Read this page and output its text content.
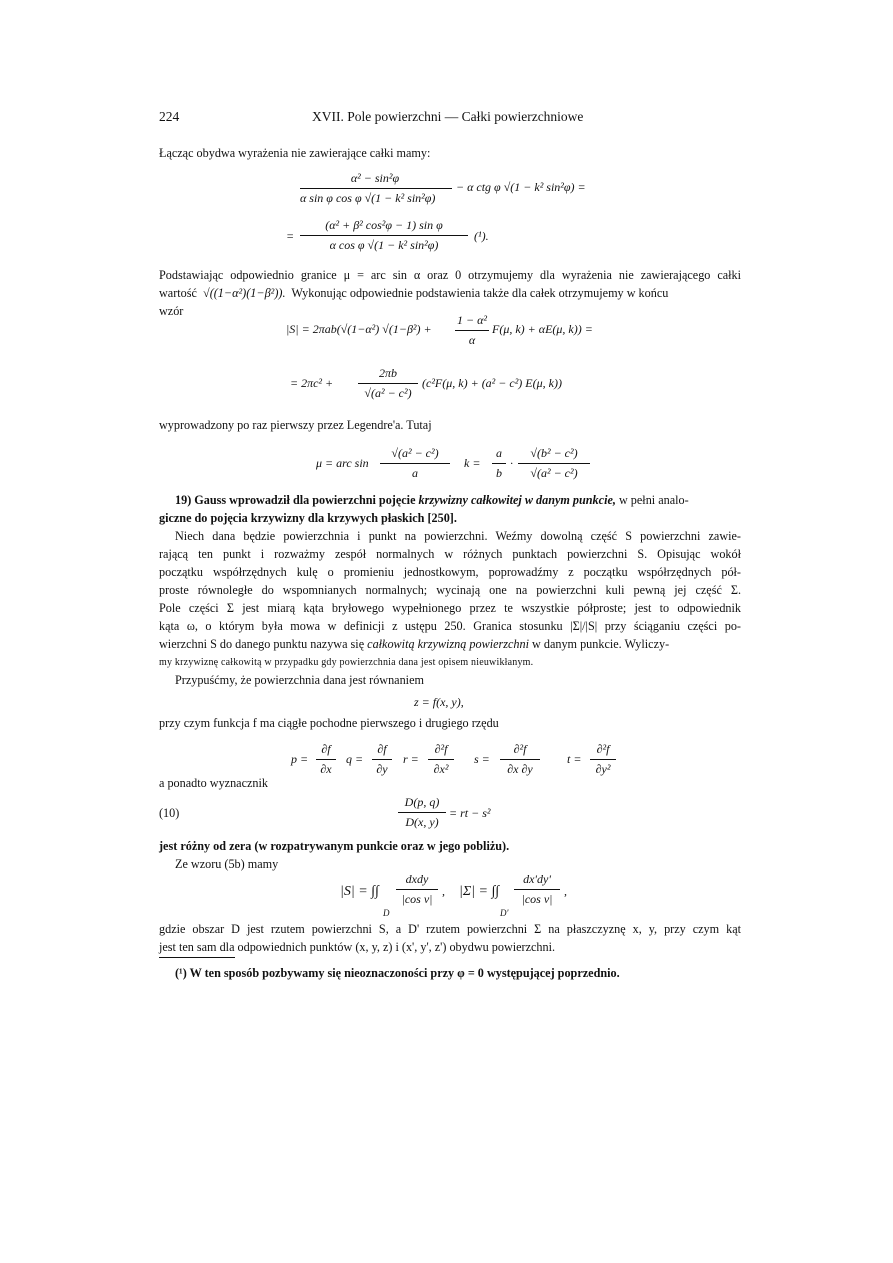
224	XVII. Pole powierzchni — Całki powierzchniowe
Łącząc obydwa wyrażenia nie zawierające całki mamy:
α² − sin²φ
α sin φ cos φ √(1 − k² sin²φ)
− α ctg φ √(1 − k² sin²φ) =
=
(α² + β² cos²φ − 1) sin φ
α cos φ √(1 − k² sin²φ)
(¹).
Podstawiając odpowiednio granice μ = arc sin α oraz 0 otrzymujemy dla wyrażenia nie zawierającego całki
wartość √((1−α²)(1−β²)). Wykonując odpowiednie podstawienia także dla całek otrzymujemy w końcu
wzór
|S| = 2πab(√(1−α²) √(1−β²) +
1 − α²
α
F(μ, k) + αE(μ, k)) =
= 2πc² +
2πb
√(a² − c²)
(c²F(μ, k) + (a² − c²) E(μ, k))
wyprowadzony po raz pierwszy przez Legendre'a. Tutaj
μ = arc sin
√(a² − c²)
a
k =
a
b
·
√(b² − c²)
√(a² − c²)
19) Gauss wprowadził dla powierzchni pojęcie krzywizny całkowitej w danym punkcie, w pełni analo-
giczne do pojęcia krzywizny dla krzywych płaskich [250].
Niech dana będzie powierzchnia i punkt na powierzchni. Weźmy dowolną część S powierzchni zawie-
rającą ten punkt i rozważmy zespół normalnych w różnych punktach powierzchni S. Opisując wokół
początku współrzędnych kulę o promieniu jednostkowym, poprowadźmy z początku współrzędnych pół-
proste równoległe do wspomnianych normalnych; wycinają one na powierzchni kuli pewną jej część Σ.
Pole części Σ jest miarą kąta bryłowego wypełnionego przez te wszystkie półproste; jest to odpowiednik
kąta ω, o którym była mowa w definicji z ustępu 250. Granica stosunku |Σ|/|S| przy ściąganiu części po-
wierzchni S do danego punktu nazywa się całkowitą krzywizną powierzchni w danym punkcie. Wyliczy-
my krzywiznę całkowitą w przypadku gdy powierzchnia dana jest opisem nieuwikłanym.
Przypuśćmy, że powierzchnia dana jest równaniem
z = f(x, y),
przy czym funkcja f ma ciągłe pochodne pierwszego i drugiego rzędu
p =
∂f
∂x
q =
∂f
∂y
r =
∂²f
∂x²
s =
∂²f
∂x ∂y
t =
∂²f
∂y²
a ponadto wyznacznik
(10)
D(p, q)
D(x, y)
= rt − s²
jest różny od zera (w rozpatrywanym punkcie oraz w jego pobliżu).
Ze wzoru (5b) mamy
|S| = ∫∫
dxdy
|cos ν|
D
, |Σ| = ∫∫
dx'dy'
|cos ν|
D'
,
gdzie obszar D jest rzutem powierzchni S, a D' rzutem powierzchni Σ na płaszczyznę x, y, przy czym kąt
jest ten sam dla odpowiednich punktów (x, y, z) i (x', y', z') obydwu powierzchni.
(¹) W ten sposób pozbywamy się nieoznaczoności przy φ = 0 występującej poprzednio.
